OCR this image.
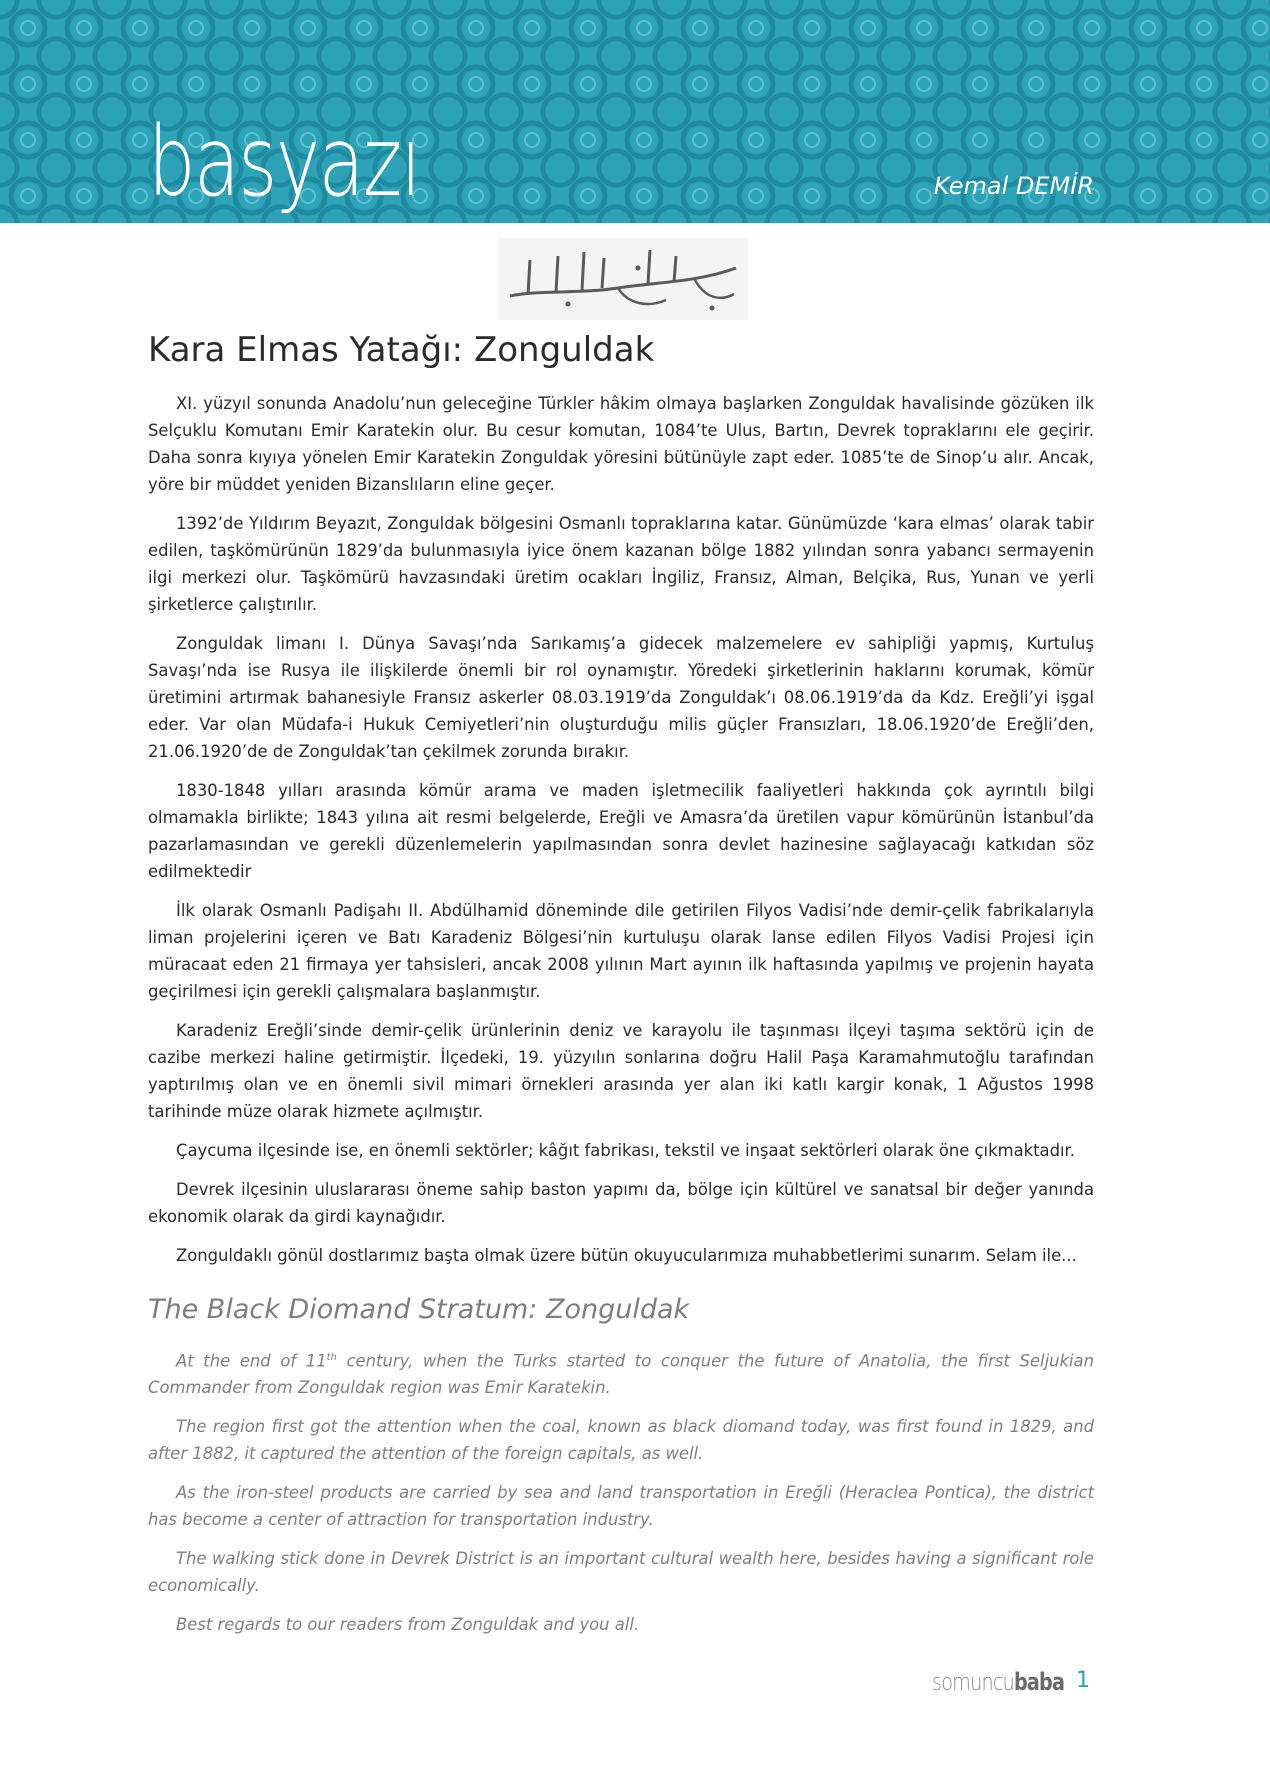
basyazı	Kemal DEMİR
Kara Elmas Yatağı: Zonguldak

XI. yüzyıl sonunda Anadolu’nun geleceğine Türkler hâkim olmaya başlarken Zonguldak havalisinde gözüken ilk Selçuklu Komutanı Emir Karatekin olur. Bu cesur komutan, 1084’te Ulus, Bartın, Devrek topraklarını ele geçirir. Daha sonra kıyıya yönelen Emir Karatekin Zonguldak yöresini bütünüyle zapt eder. 1085’te de Sinop’u alır. Ancak, yöre bir müddet yeniden Bizanslıların eline geçer.

1392’de Yıldırım Beyazıt, Zonguldak bölgesini Osmanlı topraklarına katar. Günümüzde ‘kara elmas’ olarak tabir edilen, taşkömürünün 1829’da bulunmasıyla iyice önem kazanan bölge 1882 yılından sonra yabancı sermayenin ilgi merkezi olur. Taşkömürü havzasındaki üretim ocakları İngiliz, Fransız, Alman, Belçika, Rus, Yunan ve yerli şirketlerce çalıştırılır.

Zonguldak limanı I. Dünya Savaşı’nda Sarıkamış’a gidecek malzemelere ev sahipliği yapmış, Kurtuluş Savaşı’nda ise Rusya ile ilişkilerde önemli bir rol oynamıştır. Yöredeki şirketlerinin haklarını korumak, kömür üretimini artırmak bahanesiyle Fransız askerler 08.03.1919’da Zonguldak’ı 08.06.1919’da da Kdz. Ereğli’yi işgal eder. Var olan Müdafa-i Hukuk Cemiyetleri’nin oluşturduğu milis güçler Fransızları, 18.06.1920’de Ereğli’den, 21.06.1920’de de Zonguldak’tan çekilmek zorunda bırakır.

1830-1848 yılları arasında kömür arama ve maden işletmecilik faaliyetleri hakkında çok ayrıntılı bilgi olmamakla birlikte; 1843 yılına ait resmi belgelerde, Ereğli ve Amasra’da üretilen vapur kömürünün İstanbul’da pazarlamasından ve gerekli düzenlemelerin yapılmasından sonra devlet hazinesine sağlayacağı katkıdan söz edilmektedir

İlk olarak Osmanlı Padişahı II. Abdülhamid döneminde dile getirilen Filyos Vadisi’nde demir-çelik fabrikalarıyla liman projelerini içeren ve Batı Karadeniz Bölgesi’nin kurtuluşu olarak lanse edilen Filyos Vadisi Projesi için müracaat eden 21 firmaya yer tahsisleri, ancak 2008 yılının Mart ayının ilk haftasında yapılmış ve projenin hayata geçirilmesi için gerekli çalışmalara başlanmıştır.

Karadeniz Ereğli’sinde demir-çelik ürünlerinin deniz ve karayolu ile taşınması ilçeyi taşıma sektörü için de cazibe merkezi haline getirmiştir. İlçedeki, 19. yüzyılın sonlarına doğru Halil Paşa Karamahmutoğlu tarafından yaptırılmış olan ve en önemli sivil mimari örnekleri arasında yer alan iki katlı kargir konak, 1 Ağustos 1998 tarihinde müze olarak hizmete açılmıştır.

Çaycuma ilçesinde ise, en önemli sektörler; kâğıt fabrikası, tekstil ve inşaat sektörleri olarak öne çıkmaktadır.

Devrek ilçesinin uluslararası öneme sahip baston yapımı da, bölge için kültürel ve sanatsal bir değer yanında ekonomik olarak da girdi kaynağıdır.

Zonguldaklı gönül dostlarımız başta olmak üzere bütün okuyucularımıza muhabbetlerimi sunarım. Selam ile...

The Black Diomand Stratum: Zonguldak

At the end of 11th century, when the Turks started to conquer the future of Anatolia, the first Seljukian Commander from Zonguldak region was Emir Karatekin.

The region first got the attention when the coal, known as black diomand today, was first found in 1829, and after 1882, it captured the attention of the foreign capitals, as well.

As the iron-steel products are carried by sea and land transportation in Ereğli (Heraclea Pontica), the district has become a center of attraction for transportation industry.

The walking stick done in Devrek District is an important cultural wealth here, besides having a significant role economically.

Best regards to our readers from Zonguldak and you all.

somuncubaba 1
